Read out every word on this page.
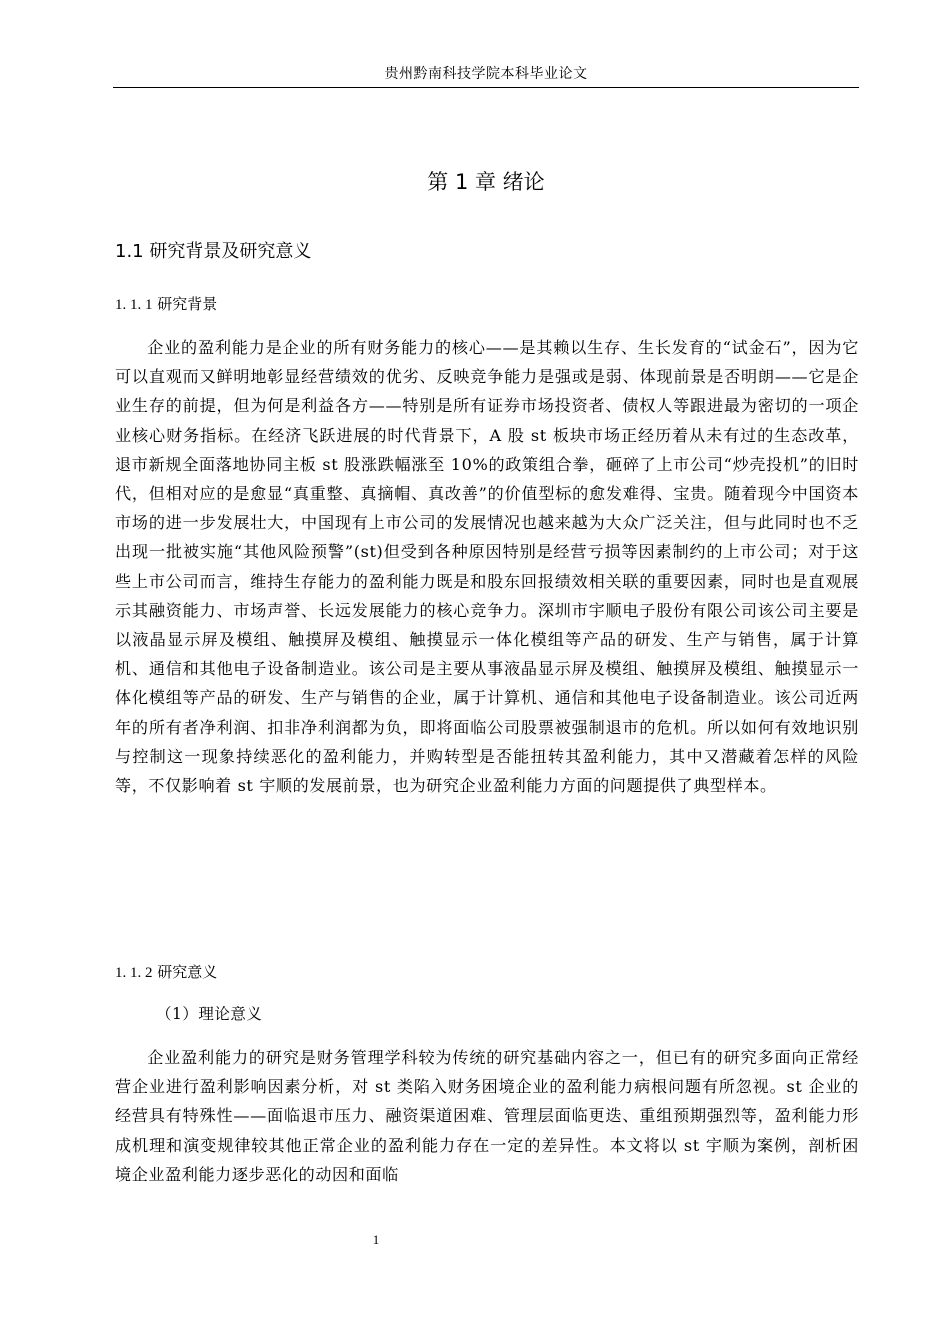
贵州黔南科技学院本科毕业论文
第 1 章 绪论
1.1 研究背景及研究意义
1. 1. 1 研究背景

企业的盈利能力是企业的所有财务能力的核心——是其赖以生存、生长发育的“试金石”，因为它可以直观而又鲜明地彰显经营绩效的优劣、反映竞争能力是强或是弱、体现前景是否明朗——它是企业生存的前提，但为何是利益各方——特别是所有证券市场投资者、债权人等跟进最为密切的一项企业核心财务指标。在经济飞跃进展的时代背景下，A 股 st 板块市场正经历着从未有过的生态改革，退市新规全面落地协同主板 st 股涨跌幅涨至 10%的政策组合拳，砸碎了上市公司“炒壳投机”的旧时代，但相对应的是愈显“真重整、真摘帽、真改善”的价值型标的愈发难得、宝贵。随着现今中国资本市场的进一步发展壮大，中国现有上市公司的发展情况也越来越为大众广泛关注，但与此同时也不乏出现一批被实施“其他风险预警”(st)但受到各种原因特别是经营亏损等因素制约的上市公司；对于这些上市公司而言，维持生存能力的盈利能力既是和股东回报绩效相关联的重要因素，同时也是直观展示其融资能力、市场声誉、长远发展能力的核心竞争力。深圳市宇顺电子股份有限公司该公司主要是以液晶显示屏及模组、触摸屏及模组、触摸显示一体化模组等产品的研发、生产与销售，属于计算机、通信和其他电子设备制造业。该公司是主要从事液晶显示屏及模组、触摸屏及模组、触摸显示一体化模组等产品的研发、生产与销售的企业，属于计算机、通信和其他电子设备制造业。该公司近两年的所有者净利润、扣非净利润都为负，即将面临公司股票被强制退市的危机。所以如何有效地识别与控制这一现象持续恶化的盈利能力，并购转型是否能扭转其盈利能力，其中又潜藏着怎样的风险等，不仅影响着 st 宇顺的发展前景，也为研究企业盈利能力方面的问题提供了典型样本。

1. 1. 2 研究意义
（1）理论意义

企业盈利能力的研究是财务管理学科较为传统的研究基础内容之一，但已有的研究多面向正常经营企业进行盈利影响因素分析，对 st 类陷入财务困境企业的盈利能力病根问题有所忽视。st 企业的经营具有特殊性——面临退市压力、融资渠道困难、管理层面临更迭、重组预期强烈等，盈利能力形成机理和演变规律较其他正常企业的盈利能力存在一定的差异性。本文将以 st 宇顺为案例，剖析困境企业盈利能力逐步恶化的动因和面临

1
